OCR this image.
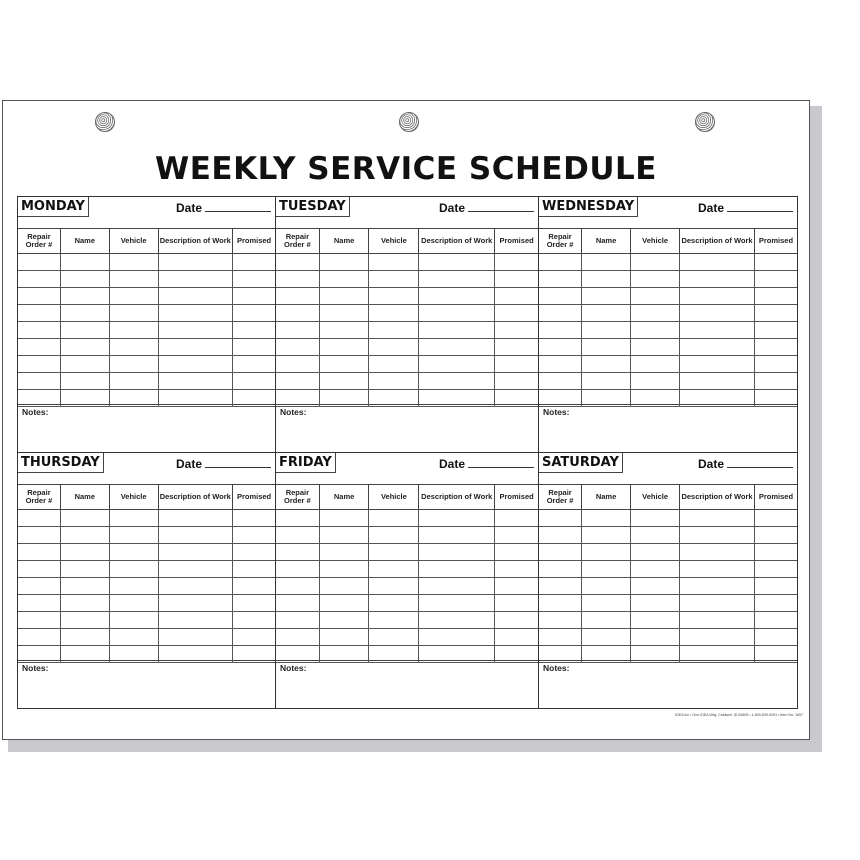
WEEKLY SERVICE SCHEDULE
MONDAY	Date
Repair Order #	Name	Vehicle	Description of Work	Promised

Notes:
TUESDAY	Date
Repair Order #	Name	Vehicle	Description of Work	Promised

Notes:
WEDNESDAY	Date
Repair Order #	Name	Vehicle	Description of Work	Promised

Notes:
THURSDAY	Date
Repair Order #	Name	Vehicle	Description of Work	Promised

Notes:
FRIDAY	Date
Repair Order #	Name	Vehicle	Description of Work	Promised

Notes:
SATURDAY	Date
Repair Order #	Name	Vehicle	Description of Work	Promised

Notes:
IDEA Inc • One IDEA Way, Caldwell, ID 83605 • 1-800-839-9291 • Item No. 1657
